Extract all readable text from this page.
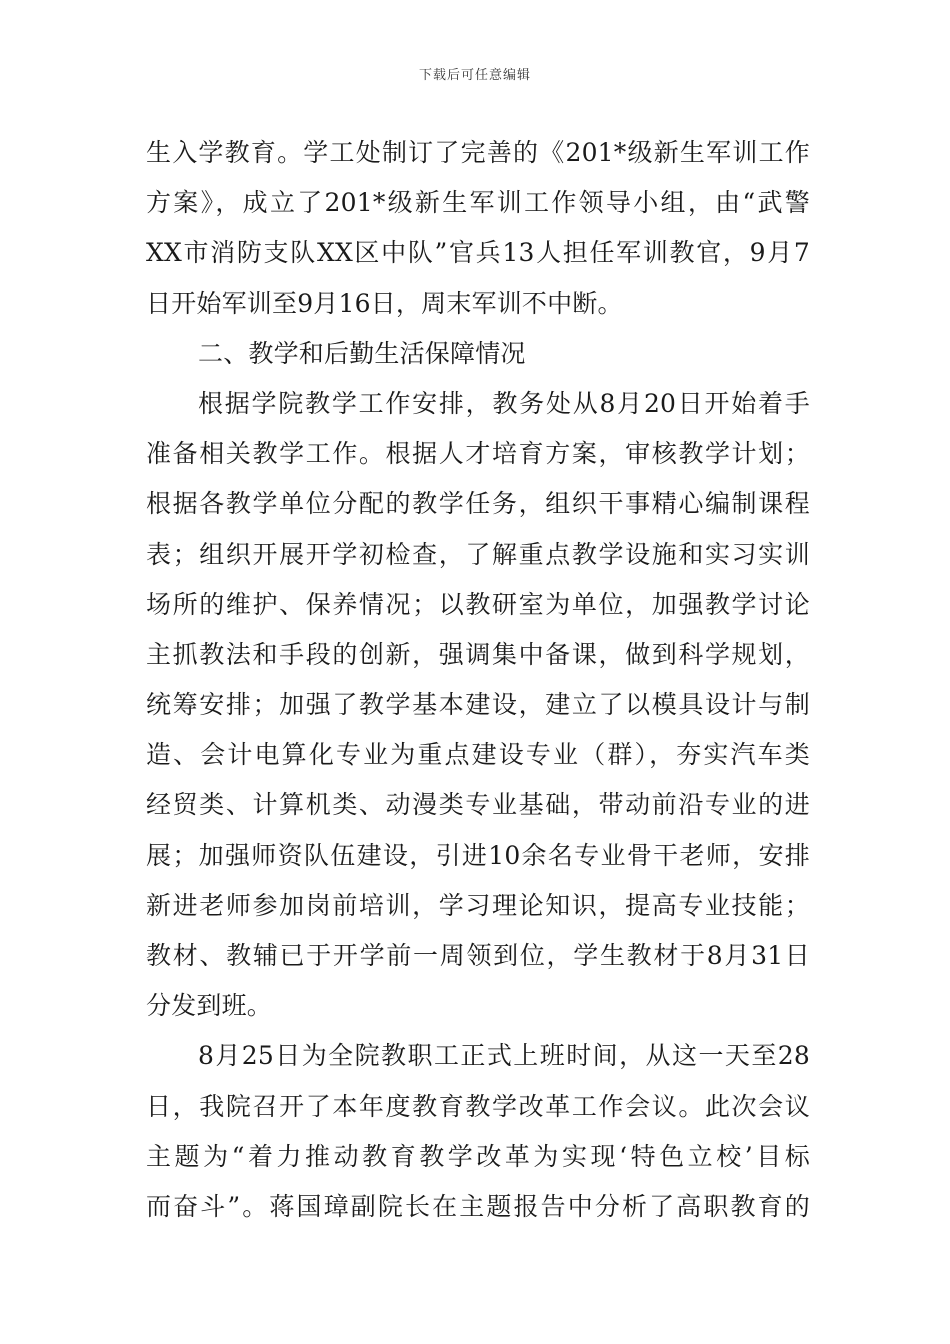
下载后可任意编辑
生入学教育。学工处制订了完善的《201*级新生军训工作
方案》，成立了201*级新生军训工作领导小组，由“武警
XX市消防支队XX区中队”官兵13人担任军训教官，9月7
日开始军训至9月16日，周末军训不中断。
二、教学和后勤生活保障情况
根据学院教学工作安排，教务处从8月20日开始着手
准备相关教学工作。根据人才培育方案，审核教学计划；
根据各教学单位分配的教学任务，组织干事精心编制课程
表；组织开展开学初检查，了解重点教学设施和实习实训
场所的维护、保养情况；以教研室为单位，加强教学讨论
主抓教法和手段的创新，强调集中备课，做到科学规划，
统筹安排；加强了教学基本建设，建立了以模具设计与制
造、会计电算化专业为重点建设专业（群），夯实汽车类
经贸类、计算机类、动漫类专业基础，带动前沿专业的进
展；加强师资队伍建设，引进10余名专业骨干老师，安排
新进老师参加岗前培训，学习理论知识，提高专业技能；
教材、教辅已于开学前一周领到位，学生教材于8月31日
分发到班。
8月25日为全院教职工正式上班时间，从这一天至28
日，我院召开了本年度教育教学改革工作会议。此次会议
主题为“着力推动教育教学改革为实现‘特色立校’目标
而奋斗”。蒋国璋副院长在主题报告中分析了高职教育的
